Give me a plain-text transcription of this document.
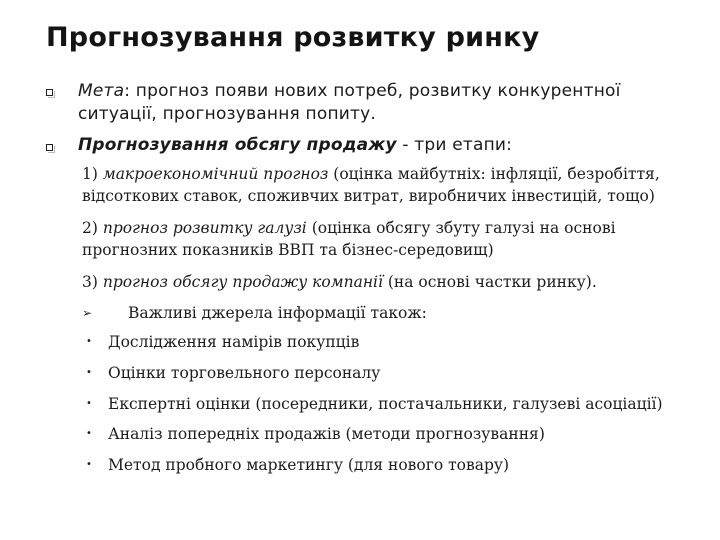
Прогнозування розвитку ринку
Мета: прогноз появи нових потреб, розвитку конкурентної
ситуації, прогнозування попиту.
Прогнозування обсягу продажу - три етапи:
1) макроекономічний прогноз (оцінка майбутніх: інфляції, безробіття,
відсоткових ставок, споживчих витрат, виробничих інвестицій, тощо)
2) прогноз розвитку галузі (оцінка обсягу збуту галузі на основі
прогнозних показників ВВП та бізнес-середовищ)
3) прогноз обсягу продажу компанії (на основі частки ринку).
➢ Важливі джерела інформації також:
• Дослідження намірів покупців
• Оцінки торговельного персоналу
• Експертні оцінки (посередники, постачальники, галузеві асоціації)
• Аналіз попередніх продажів (методи прогнозування)
• Метод пробного маркетингу (для нового товару)
